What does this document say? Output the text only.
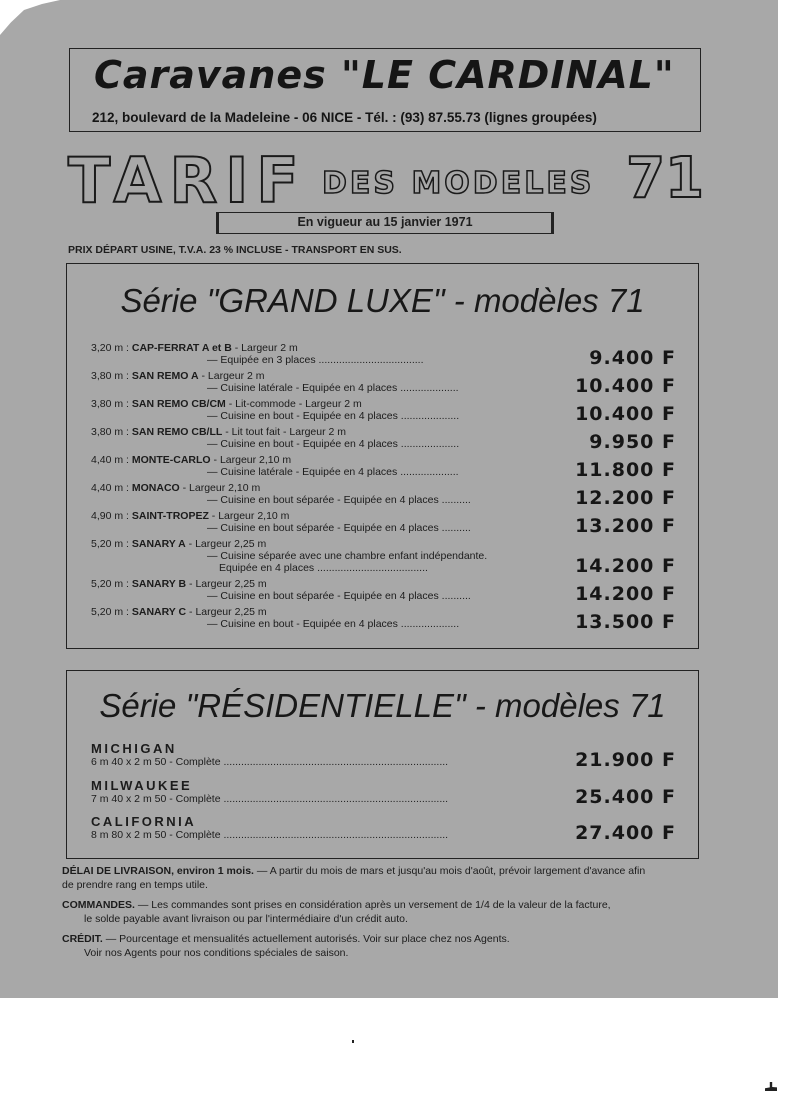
Caravanes "LE CARDINAL"
212, boulevard de la Madeleine - 06 NICE - Tél. : (93) 87.55.73 (lignes groupées)
TARIF DES MODELES 71
En vigueur au 15 janvier 1971
PRIX DÉPART USINE, T.V.A. 23 % INCLUSE - TRANSPORT EN SUS.
Série "GRAND LUXE" - modèles 71
3,20 m : CAP-FERRAT A et B - Largeur 2 m
— Equipée en 3 places ....................................	9.400 F
3,80 m : SAN REMO A - Largeur 2 m
— Cuisine latérale - Equipée en 4 places ....................	10.400 F
3,80 m : SAN REMO CB/CM - Lit-commode - Largeur 2 m
— Cuisine en bout - Equipée en 4 places ....................	10.400 F
3,80 m : SAN REMO CB/LL - Lit tout fait - Largeur 2 m
— Cuisine en bout - Equipée en 4 places ....................	9.950 F
4,40 m : MONTE-CARLO - Largeur 2,10 m
— Cuisine latérale - Equipée en 4 places ....................	11.800 F
4,40 m : MONACO - Largeur 2,10 m
— Cuisine en bout séparée - Equipée en 4 places ..........	12.200 F
4,90 m : SAINT-TROPEZ - Largeur 2,10 m
— Cuisine en bout séparée - Equipée en 4 places ..........	13.200 F
5,20 m : SANARY A - Largeur 2,25 m
— Cuisine séparée avec une chambre enfant indépendante.
Equipée en 4 places ......................................	14.200 F
5,20 m : SANARY B - Largeur 2,25 m
— Cuisine en bout séparée - Equipée en 4 places ..........	14.200 F
5,20 m : SANARY C - Largeur 2,25 m
— Cuisine en bout - Equipée en 4 places ....................	13.500 F
Série "RÉSIDENTIELLE" - modèles 71
MICHIGAN
6 m 40 x 2 m 50 - Complète .............................................................................	21.900 F
MILWAUKEE
7 m 40 x 2 m 50 - Complète .............................................................................	25.400 F
CALIFORNIA
8 m 80 x 2 m 50 - Complète .............................................................................	27.400 F
DÉLAI DE LIVRAISON, environ 1 mois. — A partir du mois de mars et jusqu'au mois d'août, prévoir largement d'avance afin
de prendre rang en temps utile.
COMMANDES. — Les commandes sont prises en considération après un versement de 1/4 de la valeur de la facture,
le solde payable avant livraison ou par l'intermédiaire d'un crédit auto.
CRÉDIT. — Pourcentage et mensualités actuellement autorisés. Voir sur place chez nos Agents.
Voir nos Agents pour nos conditions spéciales de saison.
